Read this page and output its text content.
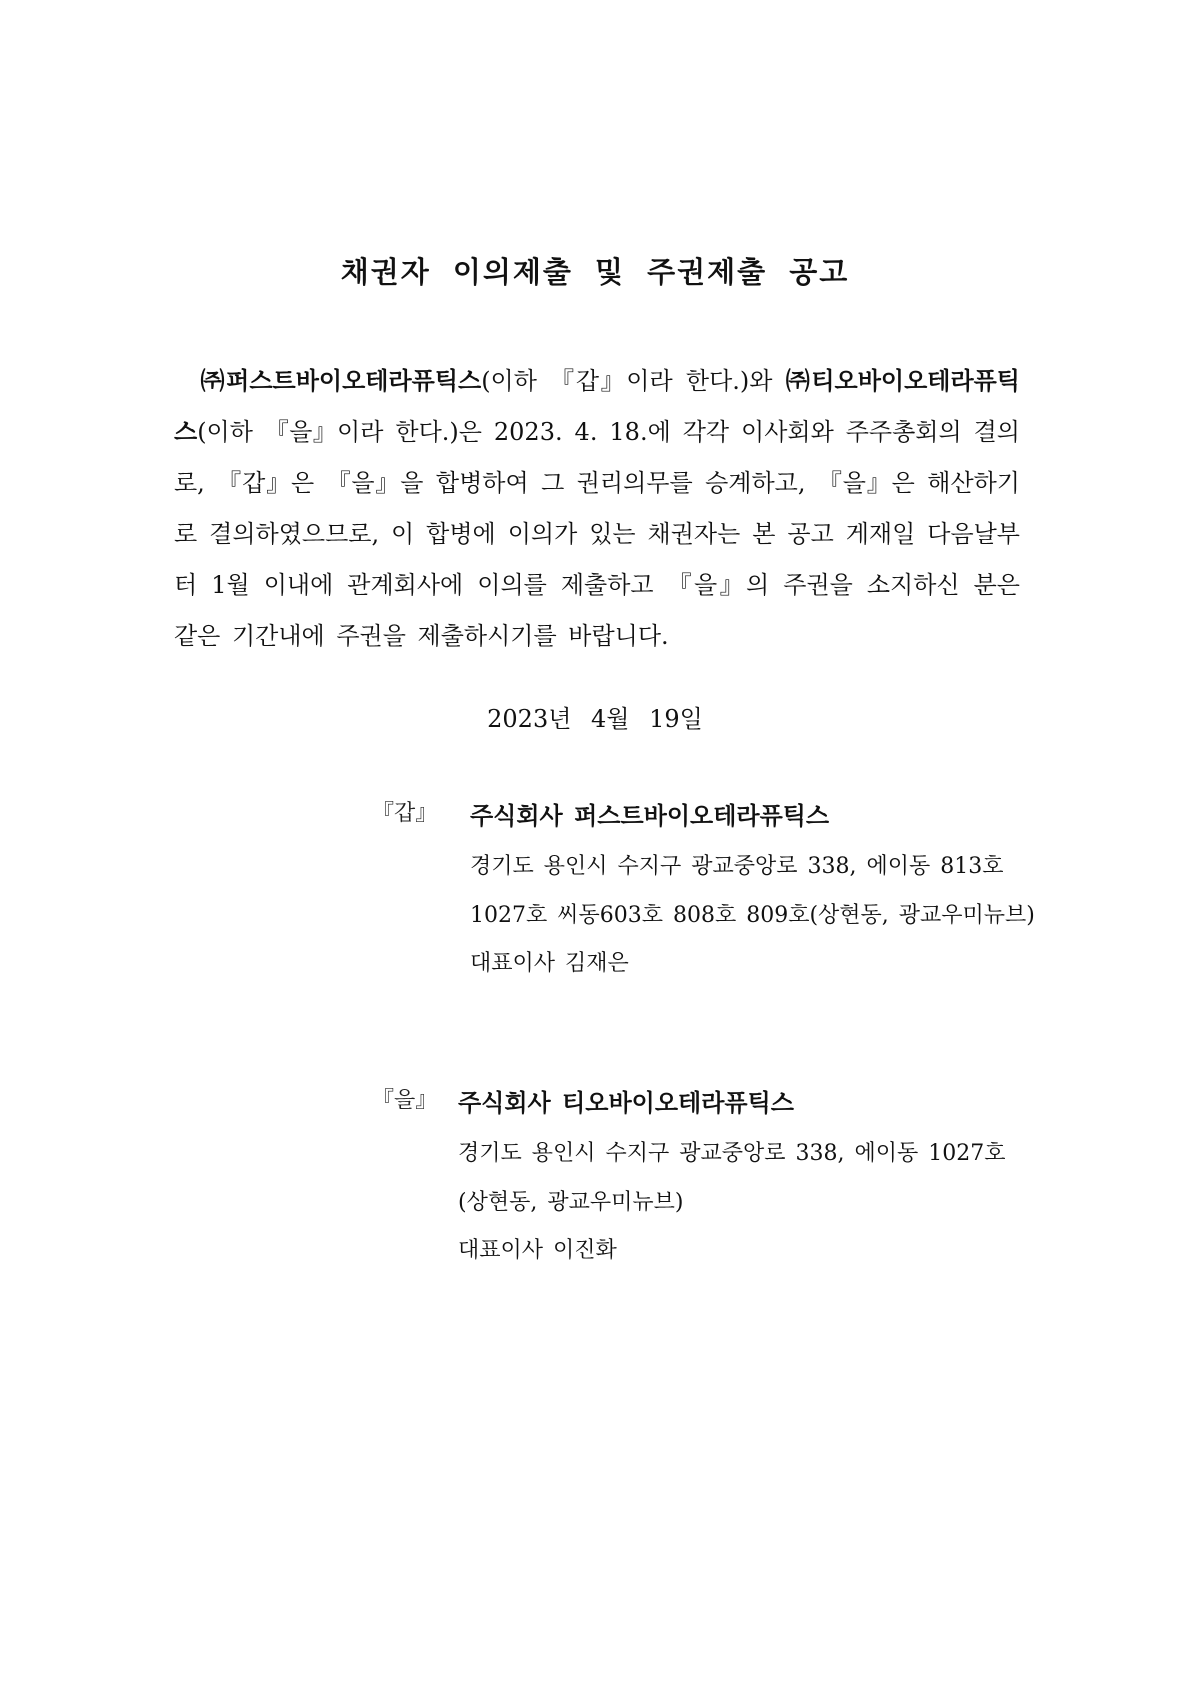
채권자 이의제출 및 주권제출 공고
㈜퍼스트바이오테라퓨틱스(이하 『갑』이라 한다.)와 ㈜티오바이오테라퓨틱스(이하 『을』이라 한다.)은 2023. 4. 18.에 각각 이사회와 주주총회의 결의로, 『갑』은 『을』을 합병하여 그 권리의무를 승계하고, 『을』은 해산하기로 결의하였으므로, 이 합병에 이의가 있는 채권자는 본 공고 게재일 다음날부터 1월 이내에 관계회사에 이의를 제출하고 『을』의 주권을 소지하신 분은 같은 기간내에 주권을 제출하시기를 바랍니다.
2023년 4월 19일
『갑』 주식회사 퍼스트바이오테라퓨틱스
경기도 용인시 수지구 광교중앙로 338, 에이동 813호
1027호 씨동603호 808호 809호(상현동, 광교우미뉴브)
대표이사 김재은
『을』 주식회사 티오바이오테라퓨틱스
경기도 용인시 수지구 광교중앙로 338, 에이동 1027호
(상현동, 광교우미뉴브)
대표이사 이진화
